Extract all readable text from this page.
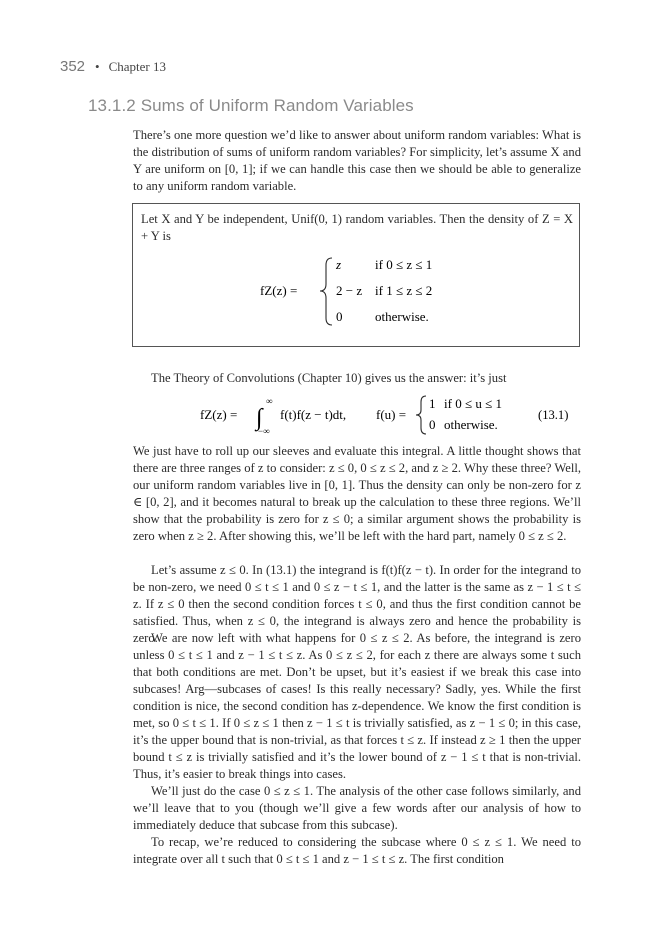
352 • Chapter 13
13.1.2 Sums of Uniform Random Variables
There’s one more question we’d like to answer about uniform random variables: What is the distribution of sums of uniform random variables? For simplicity, let’s assume X and Y are uniform on [0, 1]; if we can handle this case then we should be able to generalize to any uniform random variable.
Let X and Y be independent, Unif(0, 1) random variables. Then the density of Z = X + Y is
fZ(z) =
z	if 0 ≤ z ≤ 1
2 − z if 1 ≤ z ≤ 2
0	otherwise.
The Theory of Convolutions (Chapter 10) gives us the answer: it’s just
fZ(z) = ∫
∞
−∞
f(t)f(z − t)dt, f(u) =
1 if 0 ≤ u ≤ 1
0 otherwise.
(13.1)
We just have to roll up our sleeves and evaluate this integral. A little thought shows that there are three ranges of z to consider: z ≤ 0, 0 ≤ z ≤ 2, and z ≥ 2. Why these three? Well, our uniform random variables live in [0, 1]. Thus the density can only be non-zero for z ∈ [0, 2], and it becomes natural to break up the calculation to these three regions. We’ll show that the probability is zero for z ≤ 0; a similar argument shows the probability is zero when z ≥ 2. After showing this, we’ll be left with the hard part, namely 0 ≤ z ≤ 2.
Let’s assume z ≤ 0. In (13.1) the integrand is f(t)f(z − t). In order for the integrand to be non-zero, we need 0 ≤ t ≤ 1 and 0 ≤ z − t ≤ 1, and the latter is the same as z − 1 ≤ t ≤ z. If z ≤ 0 then the second condition forces t ≤ 0, and thus the first condition cannot be satisfied. Thus, when z ≤ 0, the integrand is always zero and hence the probability is zero.
We are now left with what happens for 0 ≤ z ≤ 2. As before, the integrand is zero unless 0 ≤ t ≤ 1 and z − 1 ≤ t ≤ z. As 0 ≤ z ≤ 2, for each z there are always some t such that both conditions are met. Don’t be upset, but it’s easiest if we break this case into subcases! Arg—subcases of cases! Is this really necessary? Sadly, yes. While the first condition is nice, the second condition has z-dependence. We know the first condition is met, so 0 ≤ t ≤ 1. If 0 ≤ z ≤ 1 then z − 1 ≤ t is trivially satisfied, as z − 1 ≤ 0; in this case, it’s the upper bound that is non-trivial, as that forces t ≤ z. If instead z ≥ 1 then the upper bound t ≤ z is trivially satisfied and it’s the lower bound of z − 1 ≤ t that is non-trivial. Thus, it’s easier to break things into cases.
We’ll just do the case 0 ≤ z ≤ 1. The analysis of the other case follows similarly, and we’ll leave that to you (though we’ll give a few words after our analysis of how to immediately deduce that subcase from this subcase).
To recap, we’re reduced to considering the subcase where 0 ≤ z ≤ 1. We need to integrate over all t such that 0 ≤ t ≤ 1 and z − 1 ≤ t ≤ z. The first condition
